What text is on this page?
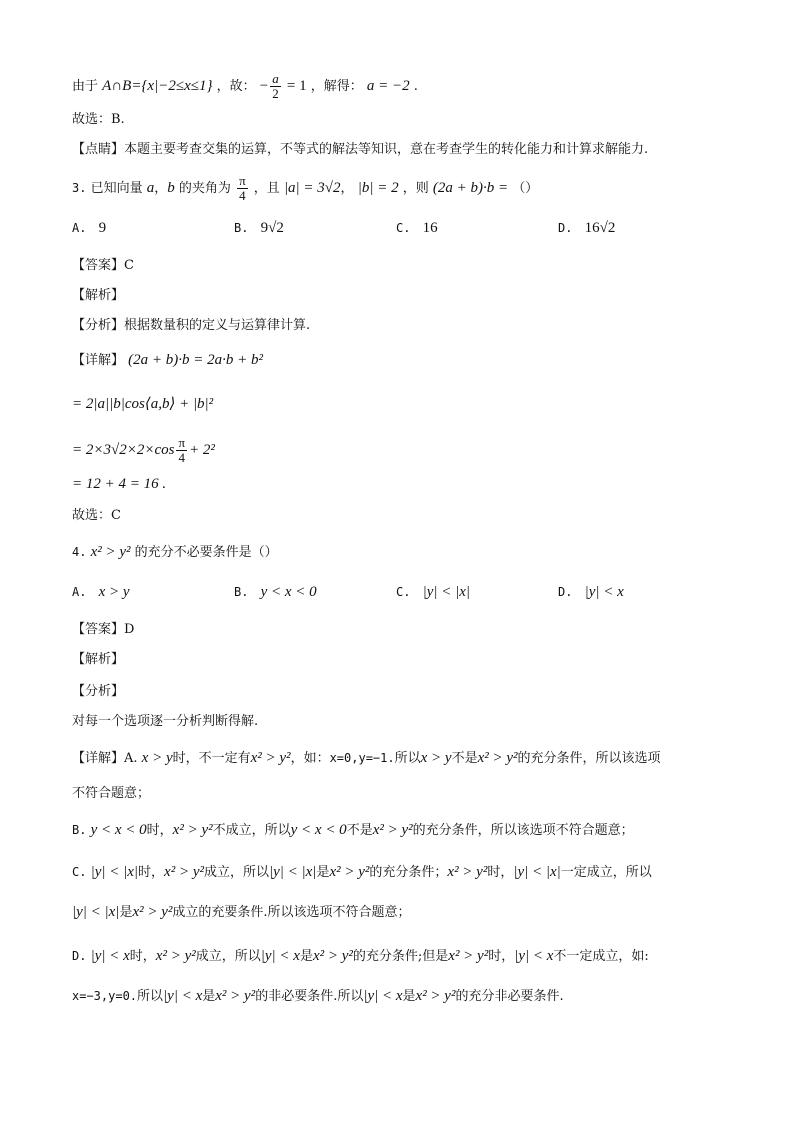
由于 A∩B={x|−2≤x≤1} ，故： − $\frac{a}{2} = 1$ ，解得： a = −2 .
故选：B.
【点睛】本题主要考查交集的运算，不等式的解法等知识，意在考查学生的转化能力和计算求解能力.
3. 已知向量 a，b 的夹角为 $\frac{\pi}{4}$ ，且 |a| = 3√2， |b| = 2 ，则 (2a + b)·b = （）
A. 9	B. 9√2	C. 16	D. 16√2
【答案】C
【解析】
【分析】根据数量积的定义与运算律计算.
【详解】 (2a + b)·b = 2a·b + b²
= 2|a||b|cos⟨a,b⟩ + |b|²
= $2\times 3√2\times 2\times\cos \frac{\pi}{4} + 2^2$
= 12 + 4 = 16 .
故选：C
4. x² > y² 的充分不必要条件是（）
A. x > y	B. y < x < 0	C. |y| < |x|	D. |y| < x
【答案】D
【解析】
【分析】
对每一个选项逐一分析判断得解.
【详解】A. x > y时，不一定有x² > y²，如：x=0,y=−1.所以x > y不是x² > y²的充分条件，所以该选项
不符合题意；
B. y < x < 0时，x² > y²不成立，所以y < x < 0不是x² > y²的充分条件，所以该选项不符合题意；
C. |y| < |x|时，x² > y²成立，所以|y| < |x|是x² > y²的充分条件；x² > y²时，|y| < |x|一定成立，所以
|y| < |x|是x² > y²成立的充要条件.所以该选项不符合题意；
D. |y| < x时，x² > y²成立，所以|y| < x是x² > y²的充分条件;但是x² > y²时，|y| < x不一定成立，如:
x=−3,y=0.所以|y| < x是x² > y²的非必要条件.所以|y| < x是x² > y²的充分非必要条件.
